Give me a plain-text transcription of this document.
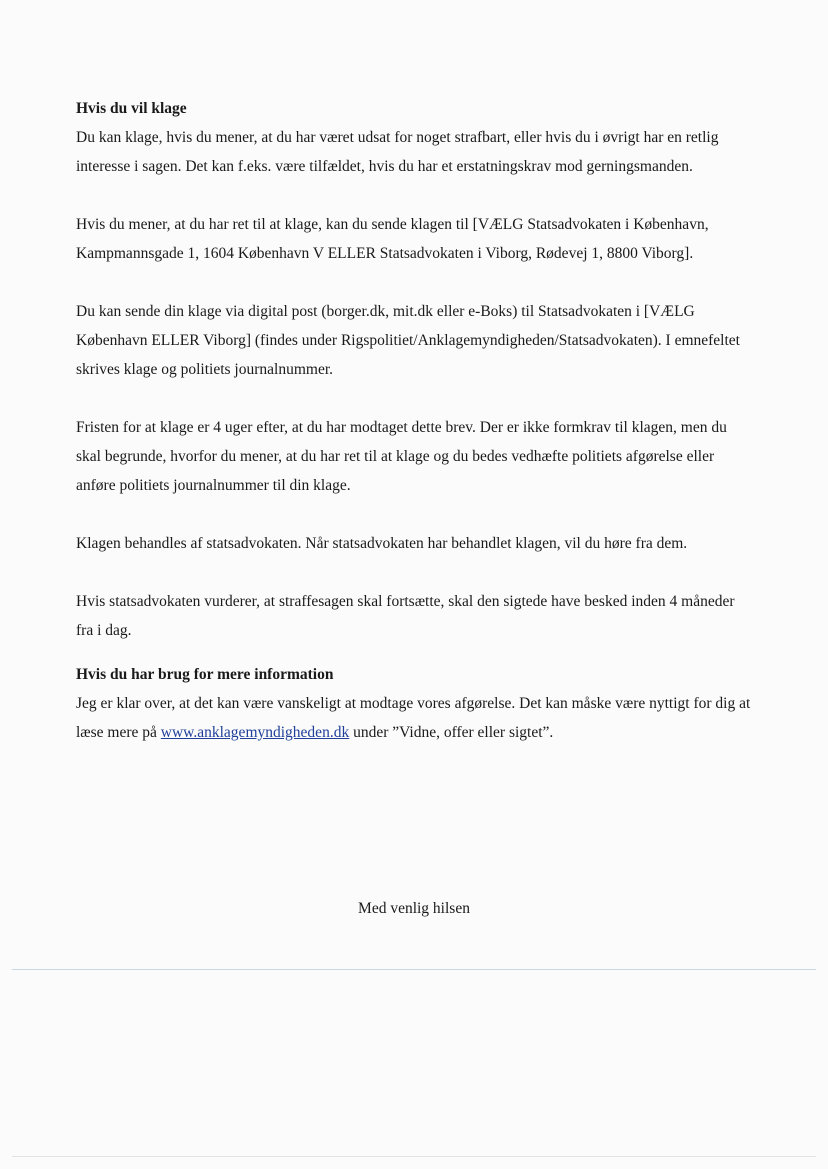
Hvis du vil klage

Du kan klage, hvis du mener, at du har været udsat for noget strafbart, eller hvis du i øvrigt har en retlig interesse i sagen. Det kan f.eks. være tilfældet, hvis du har et erstatningskrav mod gerningsmanden.

Hvis du mener, at du har ret til at klage, kan du sende klagen til [VÆLG Statsadvokaten i København, Kampmannsgade 1, 1604 København V ELLER Statsadvokaten i Viborg, Rødevej 1, 8800 Viborg].

Du kan sende din klage via digital post (borger.dk, mit.dk eller e-Boks) til Statsadvokaten i [VÆLG København ELLER Viborg] (findes under Rigspolitiet/Anklagemyndigheden/Statsadvokaten). I emnefeltet skrives klage og politiets journalnummer.

Fristen for at klage er 4 uger efter, at du har modtaget dette brev. Der er ikke formkrav til klagen, men du skal begrunde, hvorfor du mener, at du har ret til at klage og du bedes vedhæfte politiets afgørelse eller anføre politiets journalnummer til din klage.

Klagen behandles af statsadvokaten. Når statsadvokaten har behandlet klagen, vil du høre fra dem.

Hvis statsadvokaten vurderer, at straffesagen skal fortsætte, skal den sigtede have besked inden 4 måneder fra i dag.

Hvis du har brug for mere information

Jeg er klar over, at det kan være vanskeligt at modtage vores afgørelse. Det kan måske være nyttigt for dig at læse mere på www.anklagemyndigheden.dk under ”Vidne, offer eller sigtet”.

Med venlig hilsen
